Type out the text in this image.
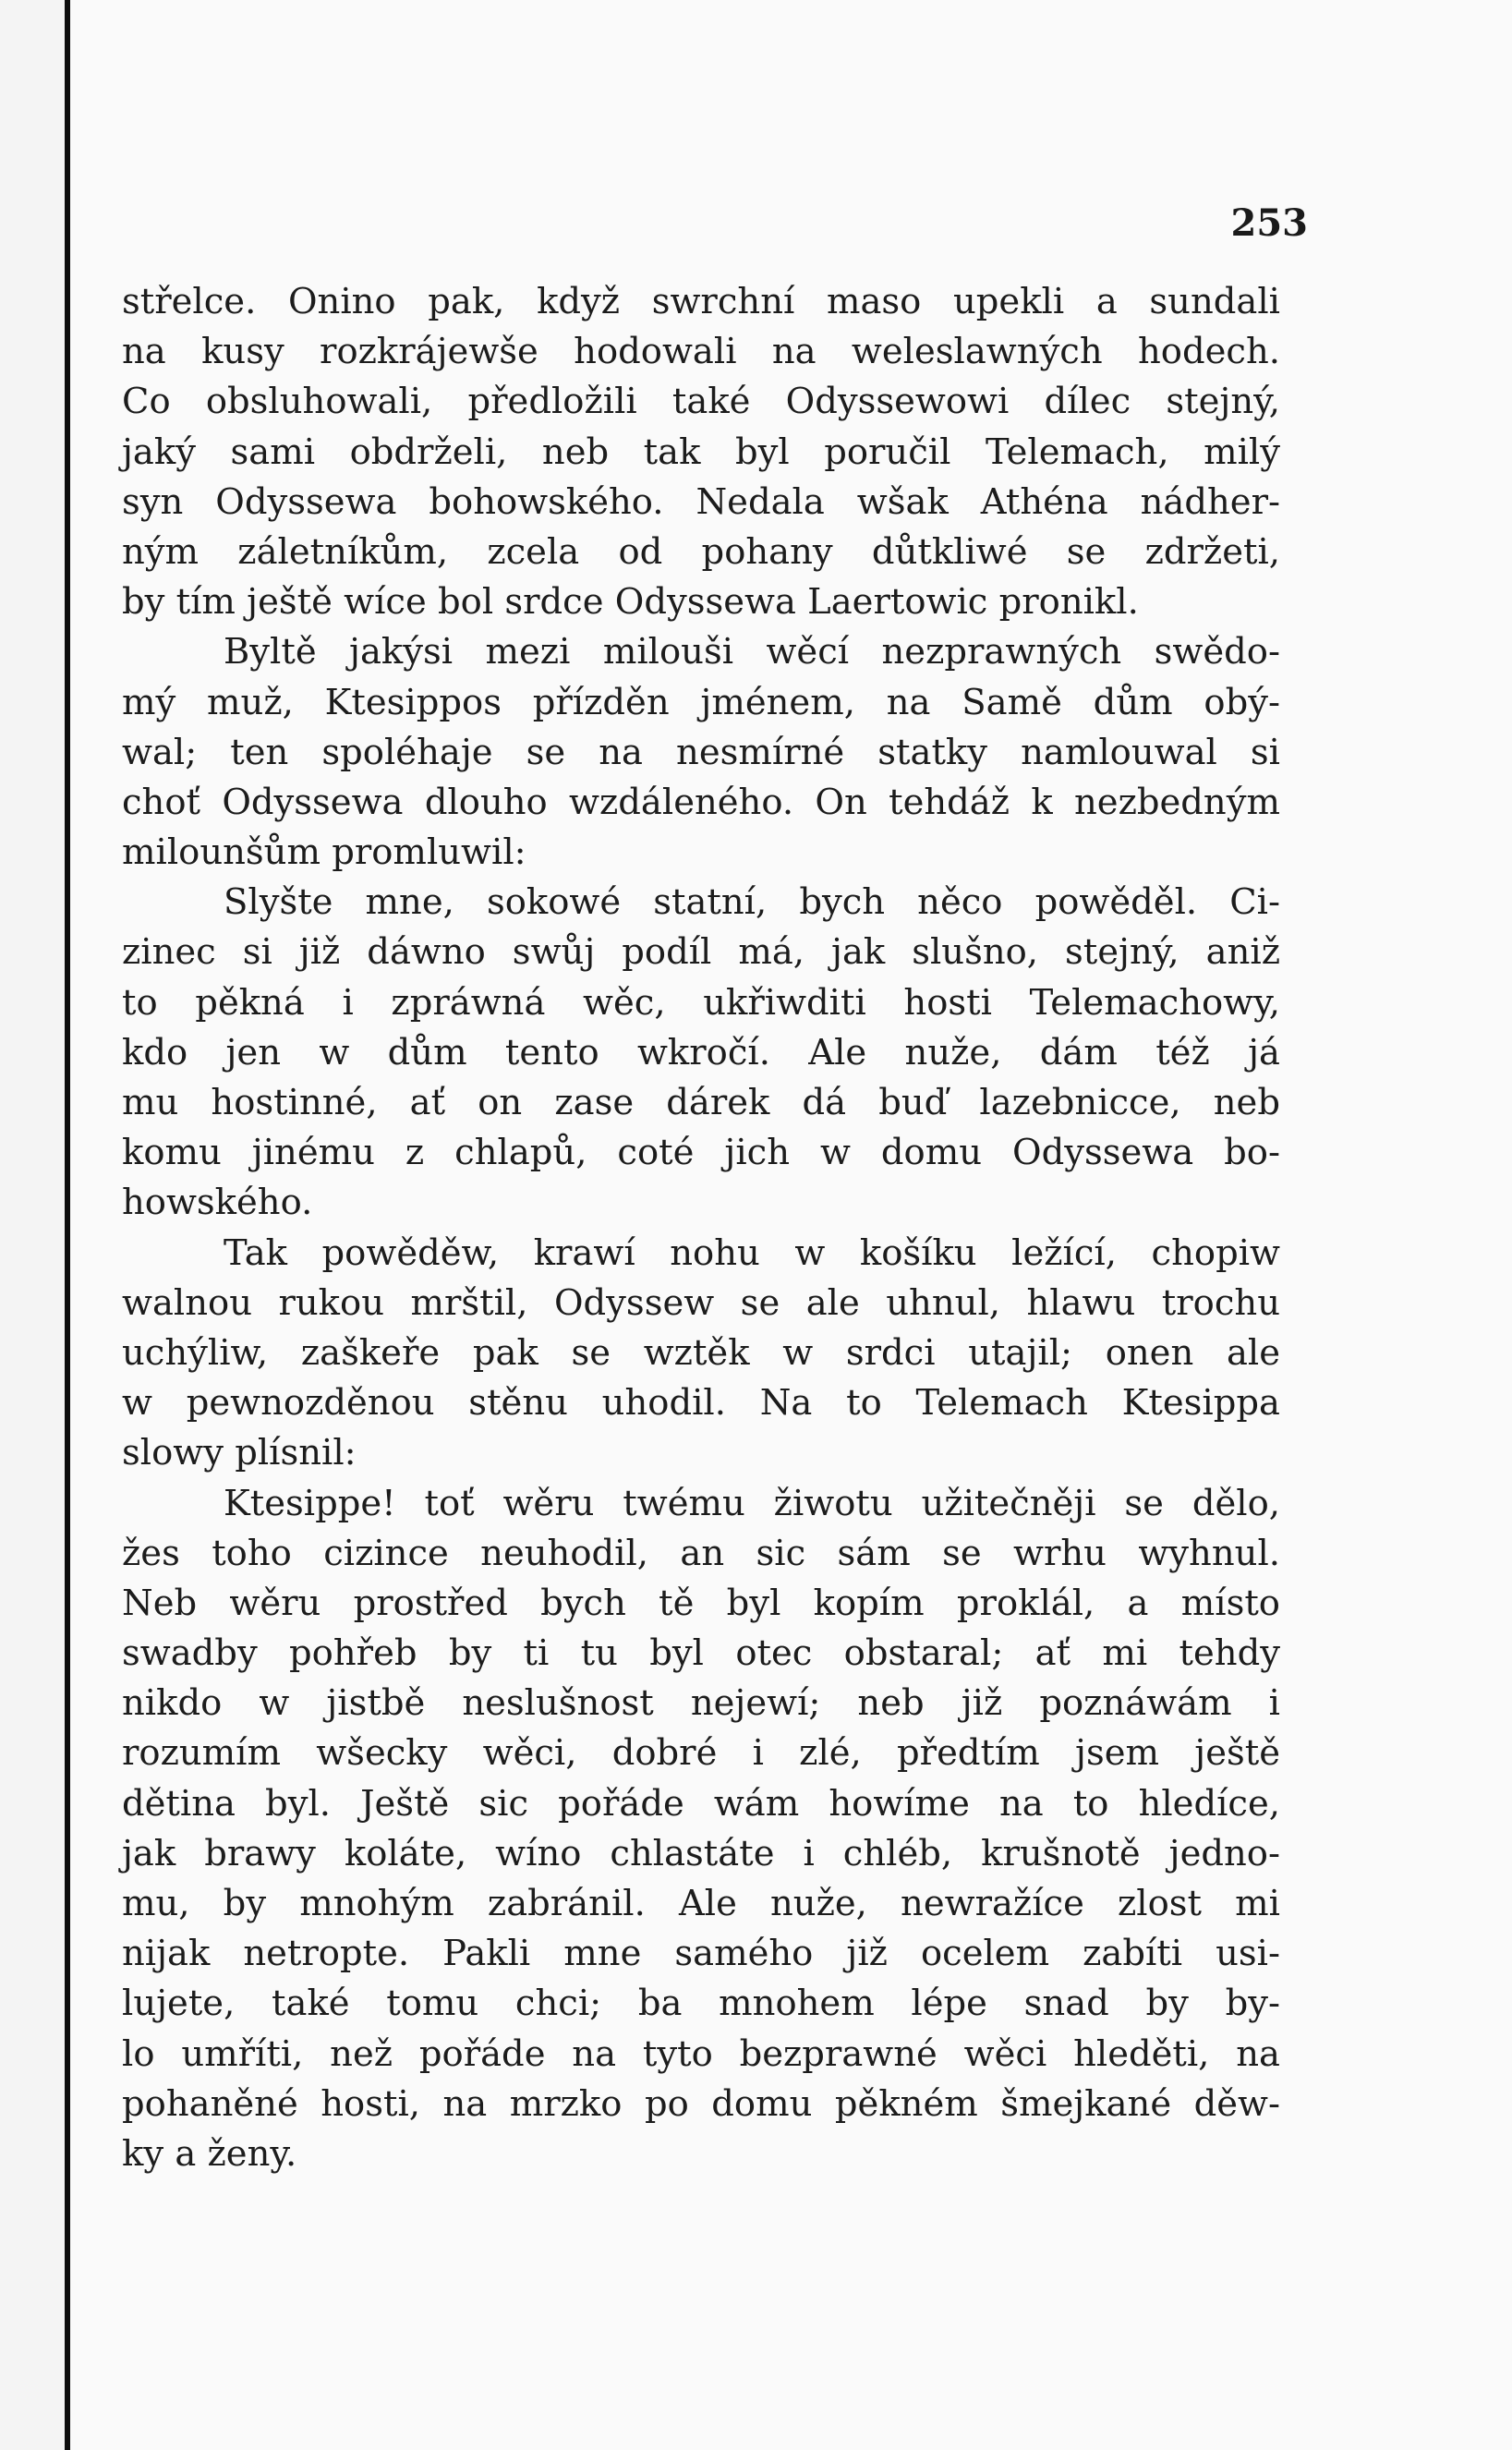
253
střelce. Onino pak, když swrchní maso upekli a sundali
na kusy rozkrájewše hodowali na weleslawných hodech.
Co obsluhowali, předložili také Odyssewowi dílec stejný,
jaký sami obdrželi, neb tak byl poručil Telemach, milý
syn Odyssewa bohowského. Nedala wšak Athéna nádher-
ným záletníkům, zcela od pohany důtkliwé se zdržeti,
by tím ještě wíce bol srdce Odyssewa Laertowic pronikl.
Byltě jakýsi mezi milouši wěcí nezprawných swědo-
mý muž, Ktesippos přízděn jménem, na Samě dům obý-
wal; ten spoléhaje se na nesmírné statky namlouwal si
choť Odyssewa dlouho wzdáleného. On tehdáž k nezbedným
milounšům promluwil:
Slyšte mne, sokowé statní, bych něco powěděl. Ci-
zinec si již dáwno swůj podíl má, jak slušno, stejný, aniž
to pěkná i zpráwná wěc, ukřiwditi hosti Telemachowy,
kdo jen w dům tento wkročí. Ale nuže, dám též já
mu hostinné, ať on zase dárek dá buď lazebnicce, neb
komu jinému z chlapů, coté jich w domu Odyssewa bo-
howského.
Tak powěděw, krawí nohu w košíku ležící, chopiw
walnou rukou mrštil, Odyssew se ale uhnul, hlawu trochu
uchýliw, zaškeře pak se wztěk w srdci utajil; onen ale
w pewnozděnou stěnu uhodil. Na to Telemach Ktesippa
slowy plísnil:
Ktesippe! toť wěru twému žiwotu užitečněji se dělo,
žes toho cizince neuhodil, an sic sám se wrhu wyhnul.
Neb wěru prostřed bych tě byl kopím proklál, a místo
swadby pohřeb by ti tu byl otec obstaral; ať mi tehdy
nikdo w jistbě neslušnost nejewí; neb již poznáwám i
rozumím wšecky wěci, dobré i zlé, předtím jsem ještě
dětina byl. Ještě sic pořáde wám howíme na to hledíce,
jak brawy koláte, wíno chlastáte i chléb, krušnotě jedno-
mu, by mnohým zabránil. Ale nuže, newražíce zlost mi
nijak netropte. Pakli mne samého již ocelem zabíti usi-
lujete, také tomu chci; ba mnohem lépe snad by by-
lo umříti, než pořáde na tyto bezprawné wěci hleděti, na
pohaněné hosti, na mrzko po domu pěkném šmejkané děw-
ky a ženy.
